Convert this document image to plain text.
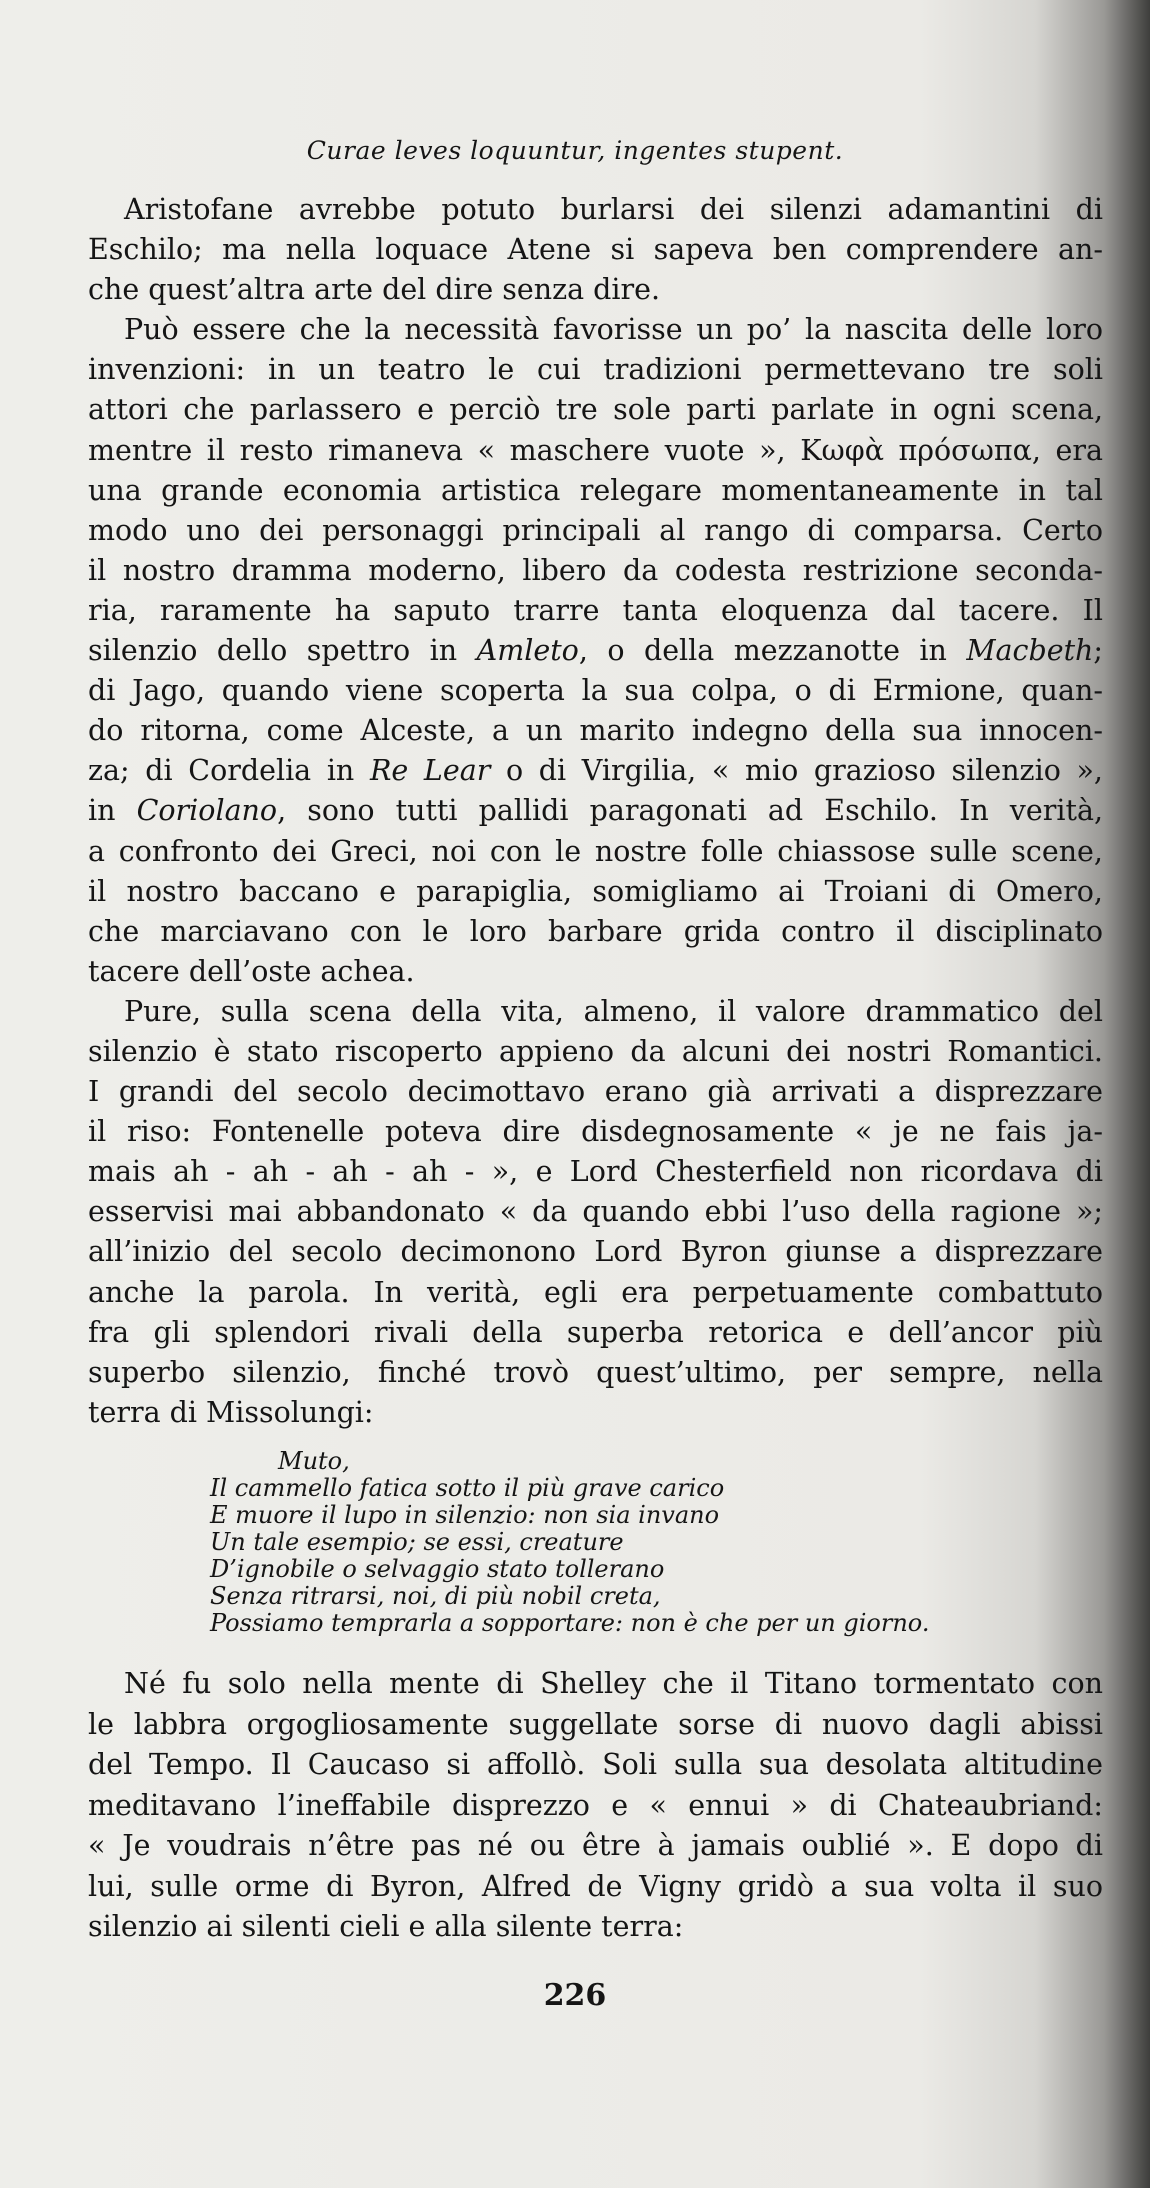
Curae leves loquuntur, ingentes stupent.
Aristofane avrebbe potuto burlarsi dei silenzi adamantini di
Eschilo; ma nella loquace Atene si sapeva ben comprendere an-
che quest’altra arte del dire senza dire.
Può essere che la necessità favorisse un po’ la nascita delle loro
invenzioni: in un teatro le cui tradizioni permettevano tre soli
attori che parlassero e perciò tre sole parti parlate in ogni scena,
mentre il resto rimaneva « maschere vuote », Κωφὰ πρόσωπα, era
una grande economia artistica relegare momentaneamente in tal
modo uno dei personaggi principali al rango di comparsa. Certo
il nostro dramma moderno, libero da codesta restrizione seconda-
ria, raramente ha saputo trarre tanta eloquenza dal tacere. Il
silenzio dello spettro in Amleto, o della mezzanotte in Macbeth;
di Jago, quando viene scoperta la sua colpa, o di Ermione, quan-
do ritorna, come Alceste, a un marito indegno della sua innocen-
za; di Cordelia in Re Lear o di Virgilia, « mio grazioso silenzio »,
in Coriolano, sono tutti pallidi paragonati ad Eschilo. In verità,
a confronto dei Greci, noi con le nostre folle chiassose sulle scene,
il nostro baccano e parapiglia, somigliamo ai Troiani di Omero,
che marciavano con le loro barbare grida contro il disciplinato
tacere dell’oste achea.
Pure, sulla scena della vita, almeno, il valore drammatico del
silenzio è stato riscoperto appieno da alcuni dei nostri Romantici.
I grandi del secolo decimottavo erano già arrivati a disprezzare
il riso: Fontenelle poteva dire disdegnosamente « je ne fais ja-
mais ah - ah - ah - ah - », e Lord Chesterfield non ricordava di
esservisi mai abbandonato « da quando ebbi l’uso della ragione »;
all’inizio del secolo decimonono Lord Byron giunse a disprezzare
anche la parola. In verità, egli era perpetuamente combattuto
fra gli splendori rivali della superba retorica e dell’ancor più
superbo silenzio, finché trovò quest’ultimo, per sempre, nella
terra di Missolungi:
Muto,
Il cammello fatica sotto il più grave carico
E muore il lupo in silenzio: non sia invano
Un tale esempio; se essi, creature
D’ignobile o selvaggio stato tollerano
Senza ritrarsi, noi, di più nobil creta,
Possiamo temprarla a sopportare: non è che per un giorno.
Né fu solo nella mente di Shelley che il Titano tormentato con
le labbra orgogliosamente suggellate sorse di nuovo dagli abissi
del Tempo. Il Caucaso si affollò. Soli sulla sua desolata altitudine
meditavano l’ineffabile disprezzo e « ennui » di Chateaubriand:
« Je voudrais n’être pas né ou être à jamais oublié ». E dopo di
lui, sulle orme di Byron, Alfred de Vigny gridò a sua volta il suo
silenzio ai silenti cieli e alla silente terra:
226
